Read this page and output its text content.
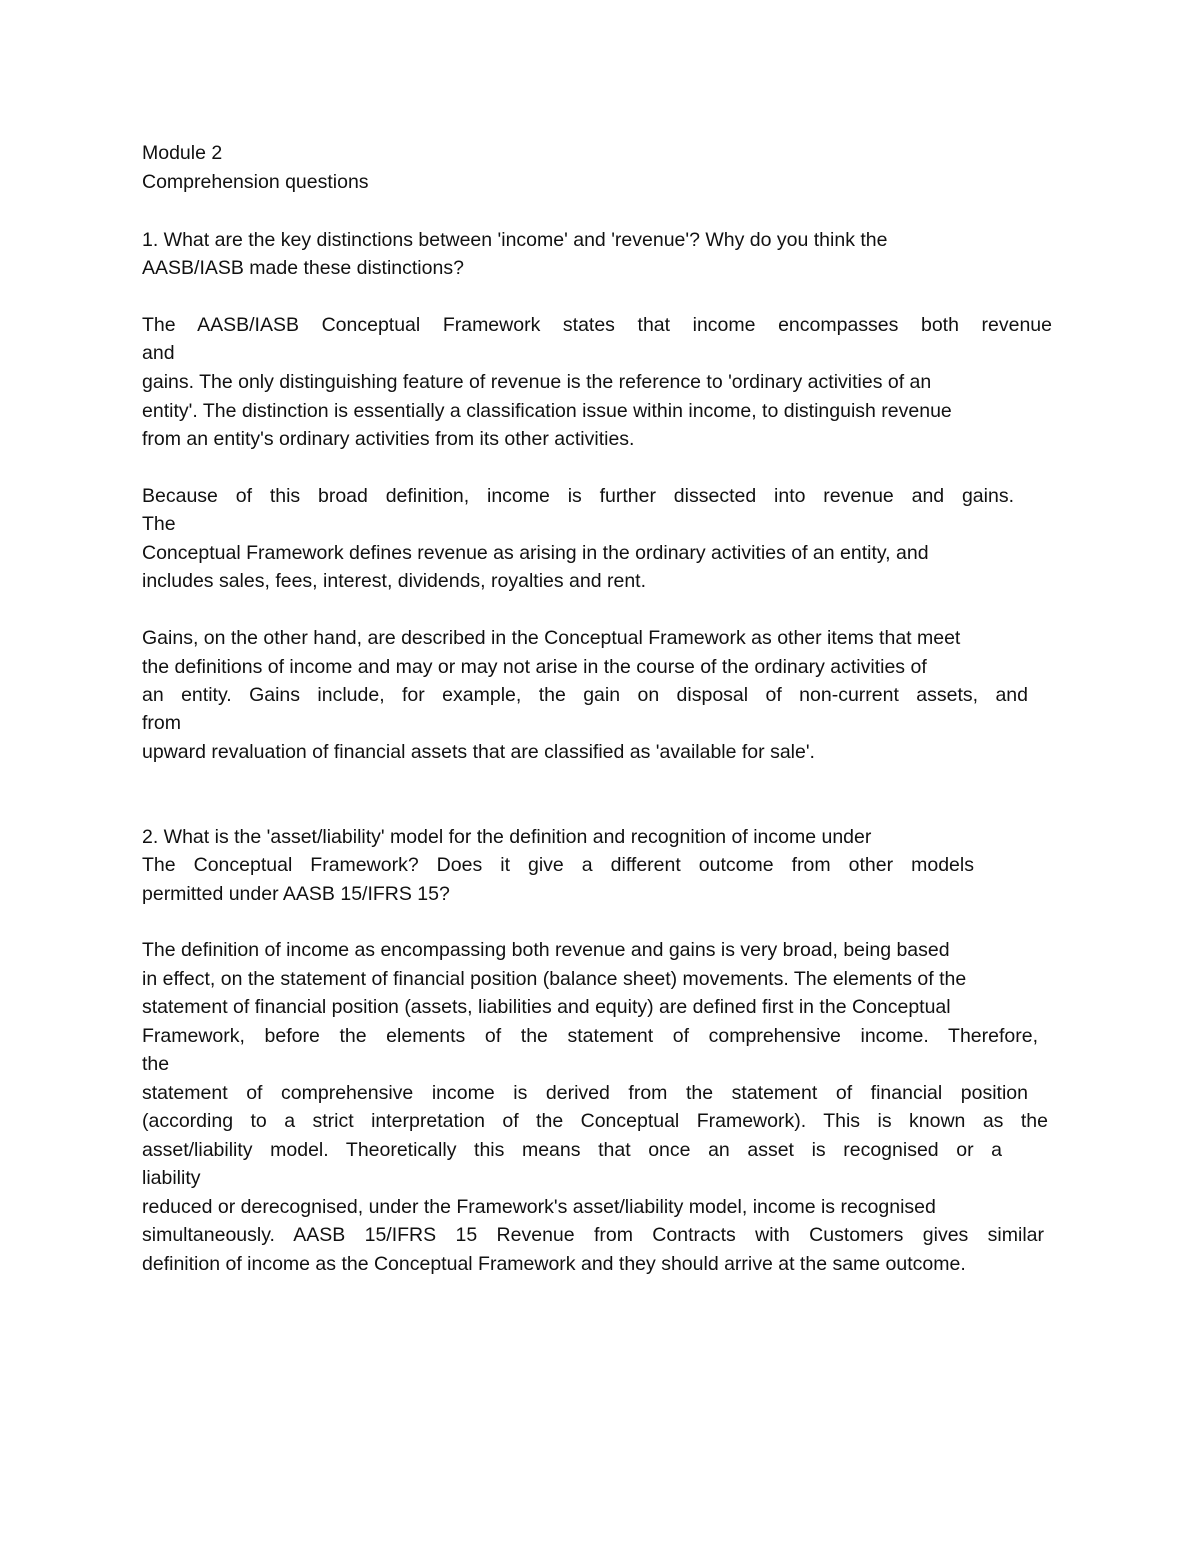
Module 2
Comprehension questions
1. What are the key distinctions between 'income' and 'revenue'? Why do you think the
AASB/IASB made these distinctions?
The AASB/IASB Conceptual Framework states that income encompasses both revenue
and
gains. The only distinguishing feature of revenue is the reference to 'ordinary activities of an
entity'. The distinction is essentially a classification issue within income, to distinguish revenue
from an entity's ordinary activities from its other activities.
Because of this broad definition, income is further dissected into revenue and gains.
The
Conceptual Framework defines revenue as arising in the ordinary activities of an entity, and
includes sales, fees, interest, dividends, royalties and rent.
Gains, on the other hand, are described in the Conceptual Framework as other items that meet
the definitions of income and may or may not arise in the course of the ordinary activities of
an entity. Gains include, for example, the gain on disposal of non-current assets, and
from
upward revaluation of financial assets that are classified as 'available for sale'.
2. What is the 'asset/liability' model for the definition and recognition of income under
The Conceptual Framework? Does it give a different outcome from other models
permitted under AASB 15/IFRS 15?
The definition of income as encompassing both revenue and gains is very broad, being based
in effect, on the statement of financial position (balance sheet) movements. The elements of the
statement of financial position (assets, liabilities and equity) are defined first in the Conceptual
Framework, before the elements of the statement of comprehensive income. Therefore,
the
statement of comprehensive income is derived from the statement of financial position
(according to a strict interpretation of the Conceptual Framework). This is known as the
asset/liability model. Theoretically this means that once an asset is recognised or a
liability
reduced or derecognised, under the Framework's asset/liability model, income is recognised
simultaneously. AASB 15/IFRS 15 Revenue from Contracts with Customers gives similar
definition of income as the Conceptual Framework and they should arrive at the same outcome.
